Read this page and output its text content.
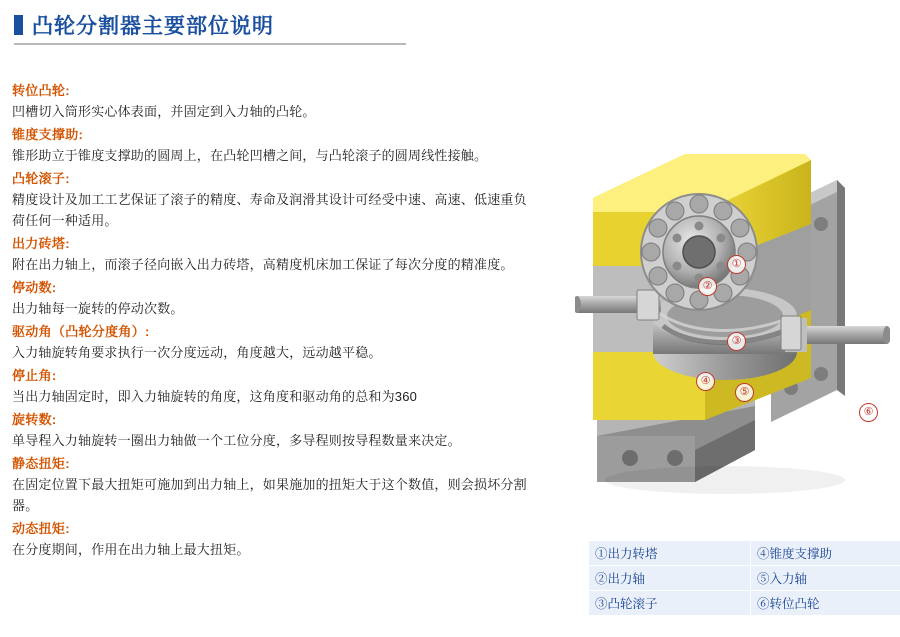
凸轮分割器主要部位说明
转位凸轮:
凹槽切入筒形实心体表面，并固定到入力轴的凸轮。
锥度支撑助:
锥形助立于锥度支撑助的圆周上，在凸轮凹槽之间，与凸轮滚子的圆周线性接触。
凸轮滚子:
精度设计及加工工艺保证了滚子的精度、寿命及润滑其设计可经受中速、高速、低速重负荷任何一种适用。
出力砖塔:
附在出力轴上，而滚子径向嵌入出力砖塔，高精度机床加工保证了每次分度的精准度。
停动数:
出力轴每一旋转的停动次数。
驱动角（凸轮分度角）:
入力轴旋转角要求执行一次分度远动，角度越大，远动越平稳。
停止角:
当出力轴固定时，即入力轴旋转的角度，这角度和驱动角的总和为360
旋转数:
单导程入力轴旋转一圈出力轴做一个工位分度，多导程则按导程数量来决定。
静态扭矩:
在固定位置下最大扭矩可施加到出力轴上，如果施加的扭矩大于这个数值，则会损坏分割器。
动态扭矩:
在分度期间，作用在出力轴上最大扭矩。
①
②
③
④
⑤
⑥
①出力转塔	④锥度支撑助
②出力轴	⑤入力轴
③凸轮滚子	⑥转位凸轮
